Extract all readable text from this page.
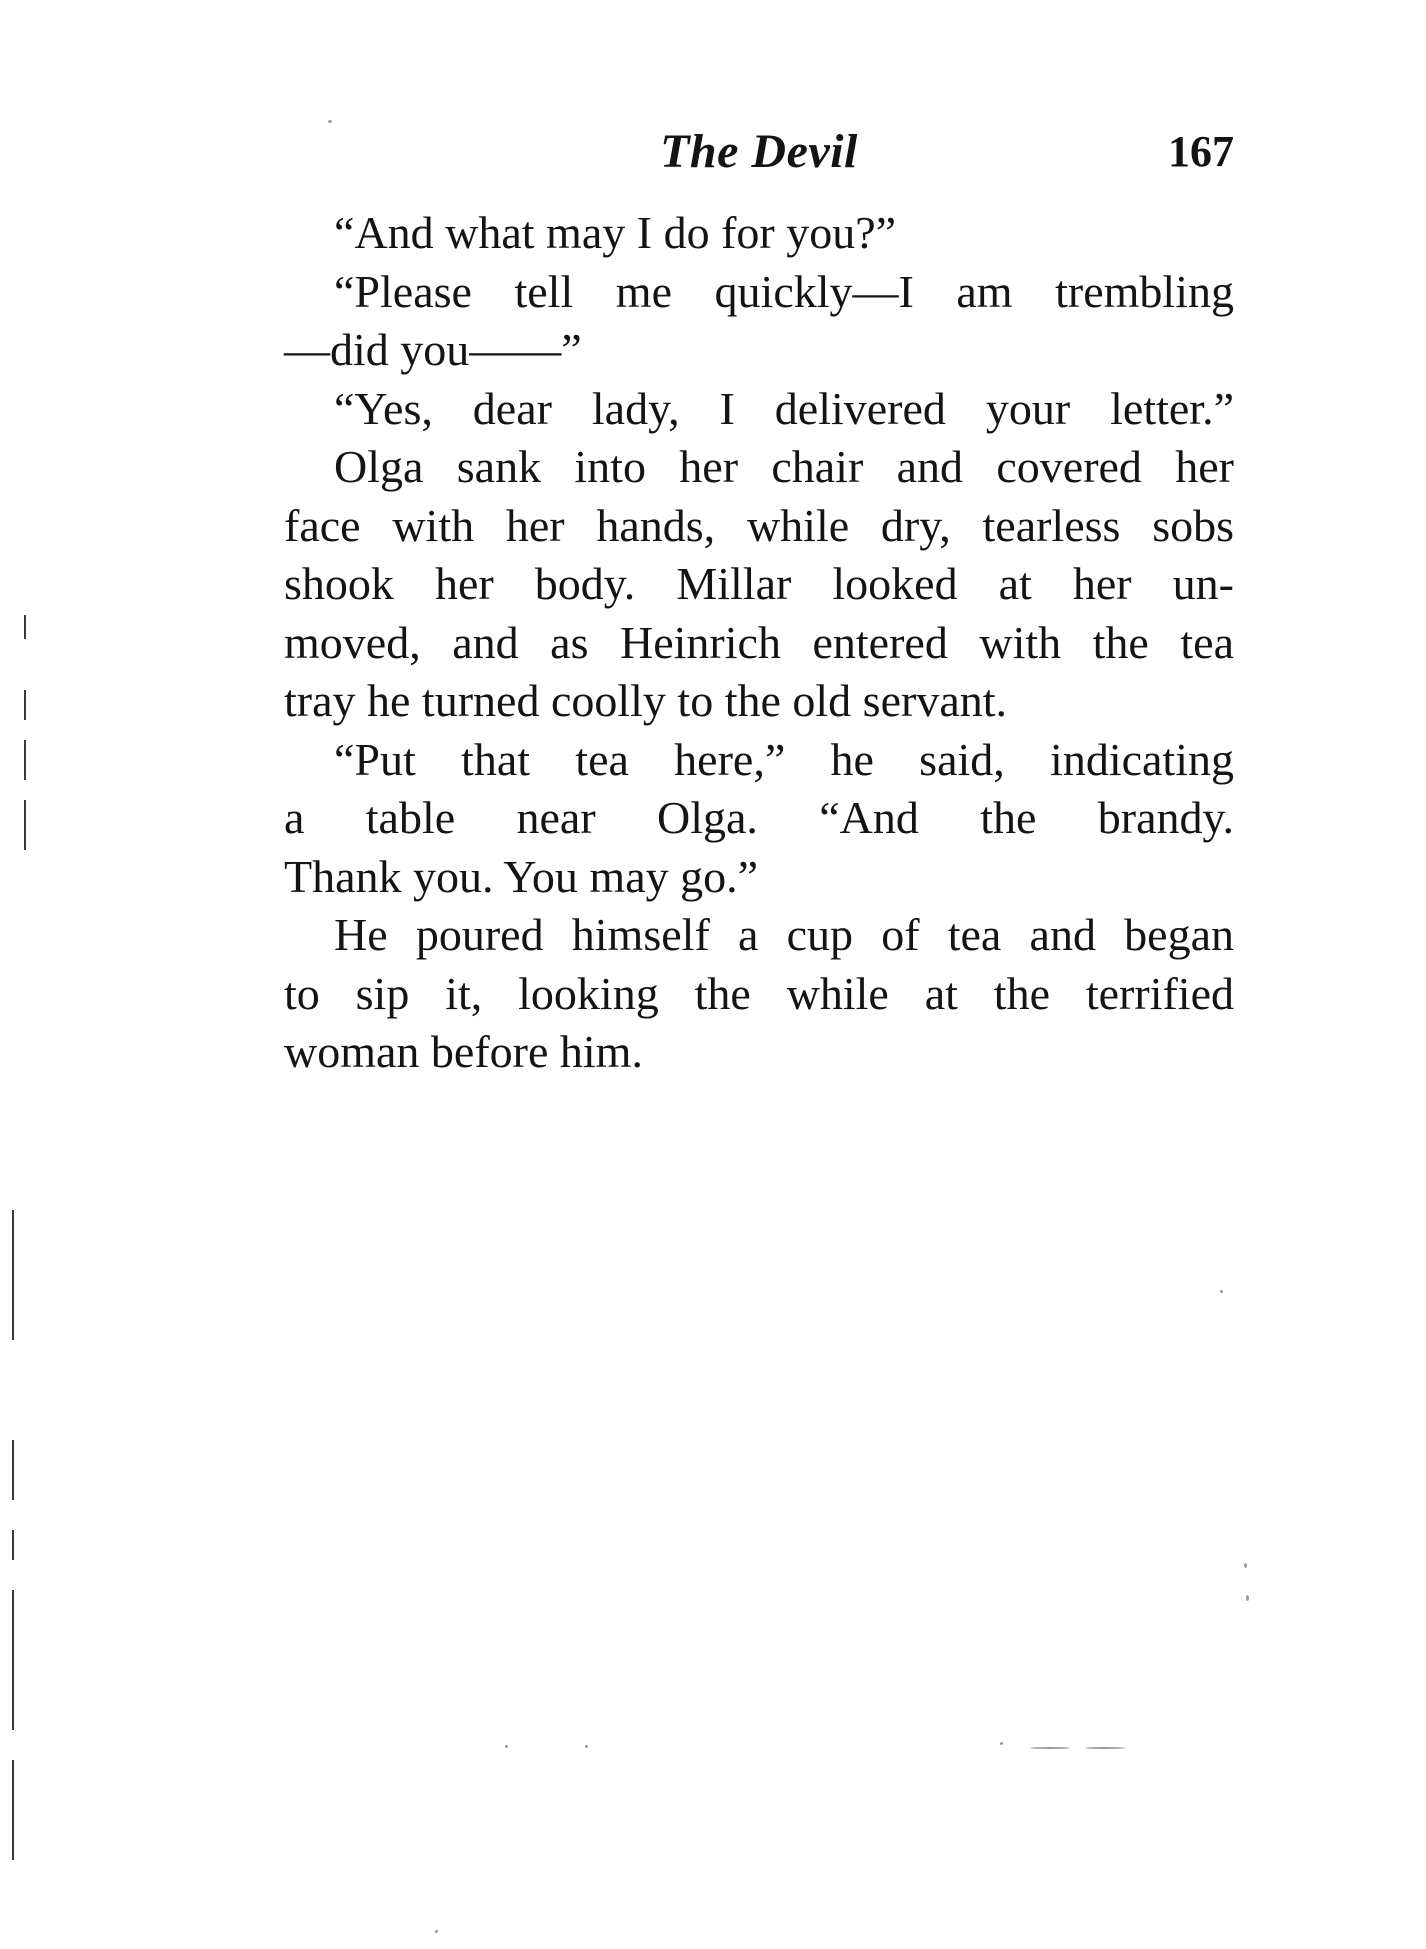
The Devil	167
“And what may I do for you?”
“Please tell me quickly—I am trembling
—did you——”
“Yes, dear lady, I delivered your letter.”
Olga sank into her chair and covered her
face with her hands, while dry, tearless sobs
shook her body. Millar looked at her un-
moved, and as Heinrich entered with the tea
tray he turned coolly to the old servant.
“Put that tea here,” he said, indicating
a table near Olga. “And the brandy.
Thank you. You may go.”
He poured himself a cup of tea and began
to sip it, looking the while at the terrified
woman before him.
